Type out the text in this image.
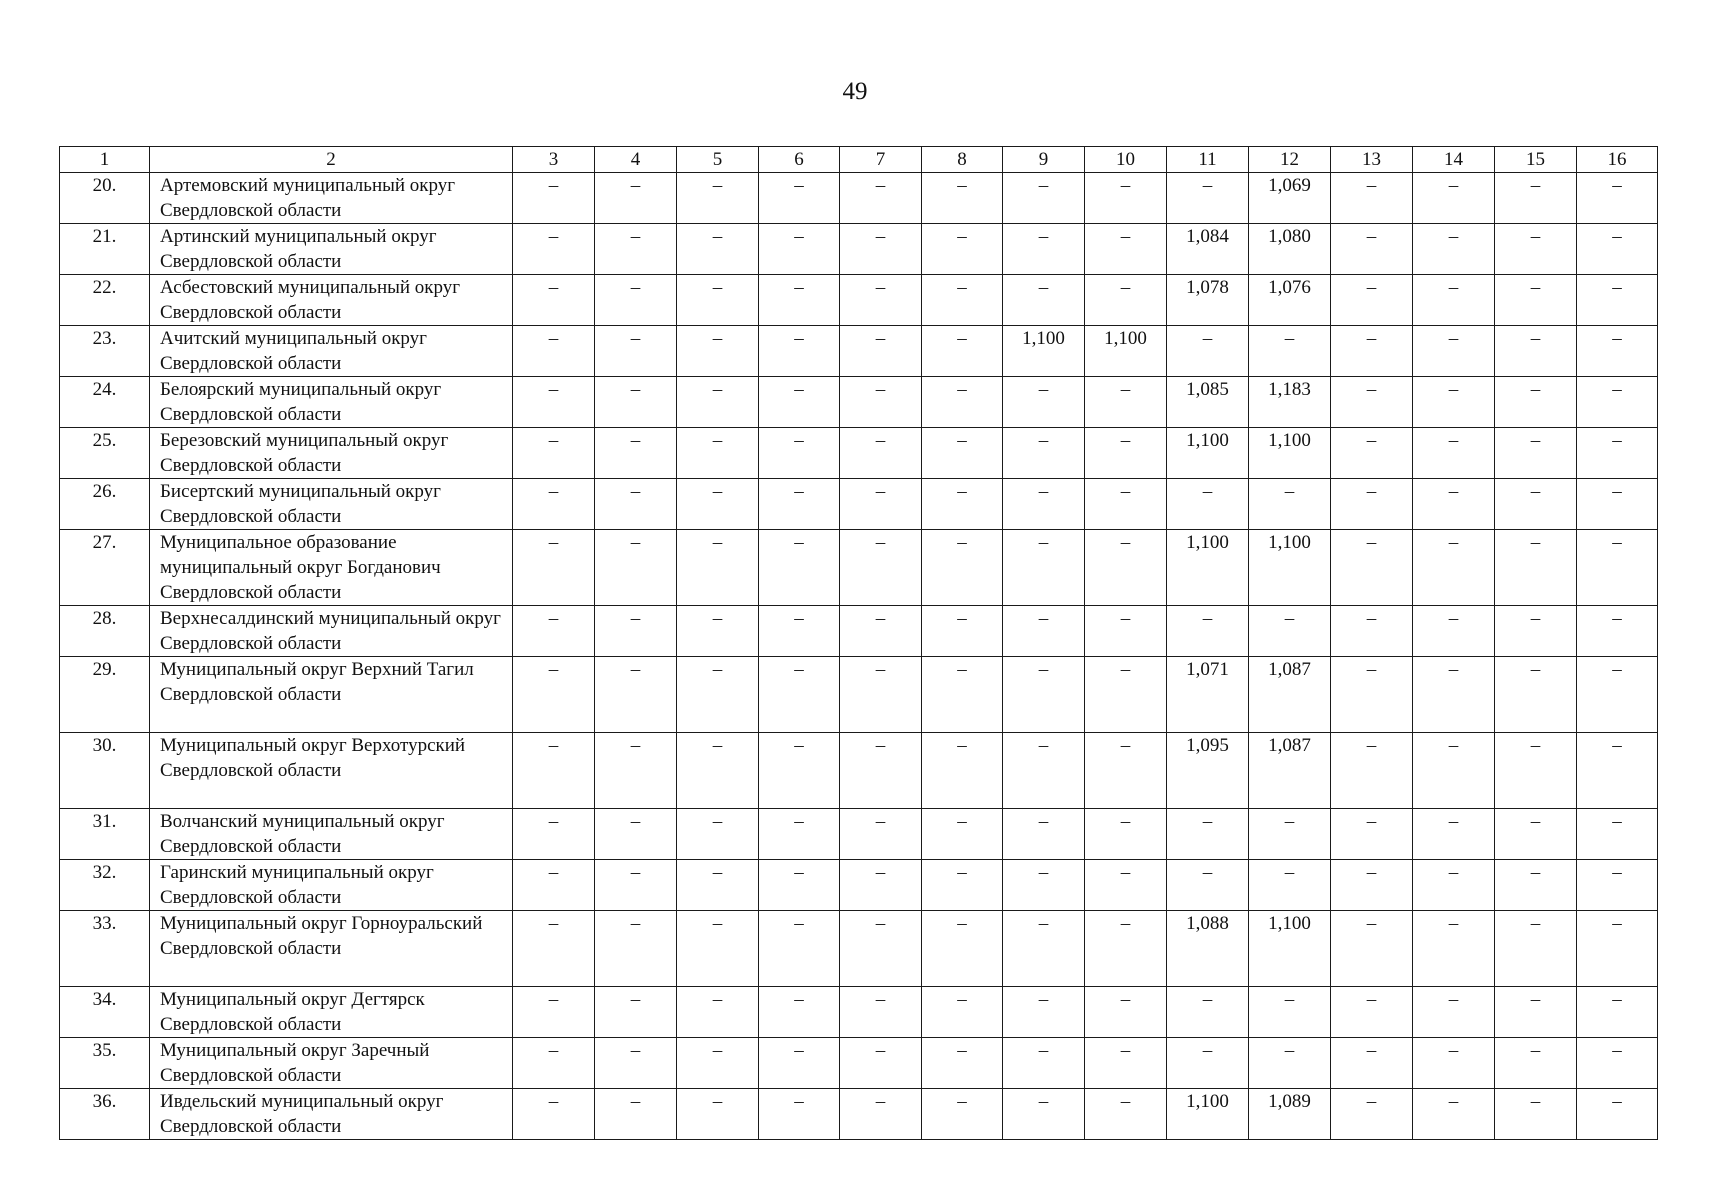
49
1	2	3	4	5	6	7	8	9	10	11	12	13	14	15	16
20.	Артемовский муниципальный округ Свердловской области	–	–	–	–	–	–	–	–	–	1,069	–	–	–	–
21.	Артинский муниципальный округ Свердловской области	–	–	–	–	–	–	–	–	1,084	1,080	–	–	–	–
22.	Асбестовский муниципальный округ Свердловской области	–	–	–	–	–	–	–	–	1,078	1,076	–	–	–	–
23.	Ачитский муниципальный округ Свердловской области	–	–	–	–	–	–	1,100	1,100	–	–	–	–	–	–
24.	Белоярский муниципальный округ Свердловской области	–	–	–	–	–	–	–	–	1,085	1,183	–	–	–	–
25.	Березовский муниципальный округ Свердловской области	–	–	–	–	–	–	–	–	1,100	1,100	–	–	–	–
26.	Бисертский муниципальный округ Свердловской области	–	–	–	–	–	–	–	–	–	–	–	–	–	–
27.	Муниципальное образование муниципальный округ Богданович Свердловской области	–	–	–	–	–	–	–	–	1,100	1,100	–	–	–	–
28.	Верхнесалдинский муниципальный округ Свердловской области	–	–	–	–	–	–	–	–	–	–	–	–	–	–
29.	Муниципальный округ Верхний Тагил Свердловской области	–	–	–	–	–	–	–	–	1,071	1,087	–	–	–	–
30.	Муниципальный округ Верхотурский Свердловской области	–	–	–	–	–	–	–	–	1,095	1,087	–	–	–	–
31.	Волчанский муниципальный округ Свердловской области	–	–	–	–	–	–	–	–	–	–	–	–	–	–
32.	Гаринский муниципальный округ Свердловской области	–	–	–	–	–	–	–	–	–	–	–	–	–	–
33.	Муниципальный округ Горноуральский Свердловской области	–	–	–	–	–	–	–	–	1,088	1,100	–	–	–	–
34.	Муниципальный округ Дегтярск Свердловской области	–	–	–	–	–	–	–	–	–	–	–	–	–	–
35.	Муниципальный округ Заречный Свердловской области	–	–	–	–	–	–	–	–	–	–	–	–	–	–
36.	Ивдельский муниципальный округ Свердловской области	–	–	–	–	–	–	–	–	1,100	1,089	–	–	–	–
